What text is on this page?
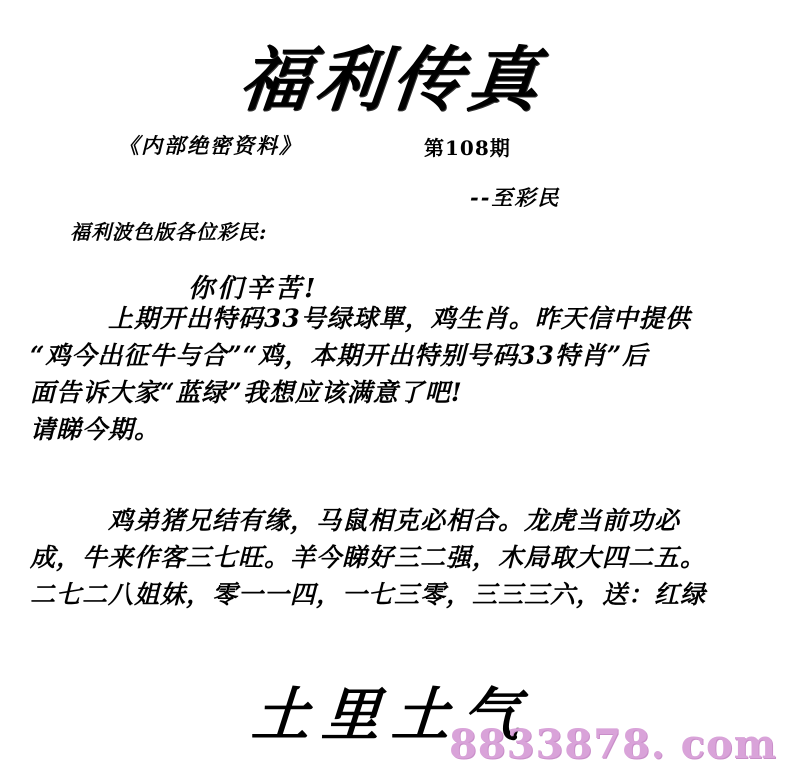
福利传真
《内部绝密资料》	第108期
--至彩民
福利波色版各位彩民:
你们辛苦!
上期开出特码33号绿球單，鸡生肖。昨天信中提供
“鸡今出征牛与合”“鸡，本期开出特别号码33特肖”后
面告诉大家“蓝绿”我想应该满意了吧!
请睇今期。
鸡弟猪兄结有缘，马鼠相克必相合。龙虎当前功必
成，牛来作客三七旺。羊今睇好三二强，木局取大四二五。
二七二八姐妹，零一一四，一七三零，三三三六，送：红绿
土里土气
8833878. com
